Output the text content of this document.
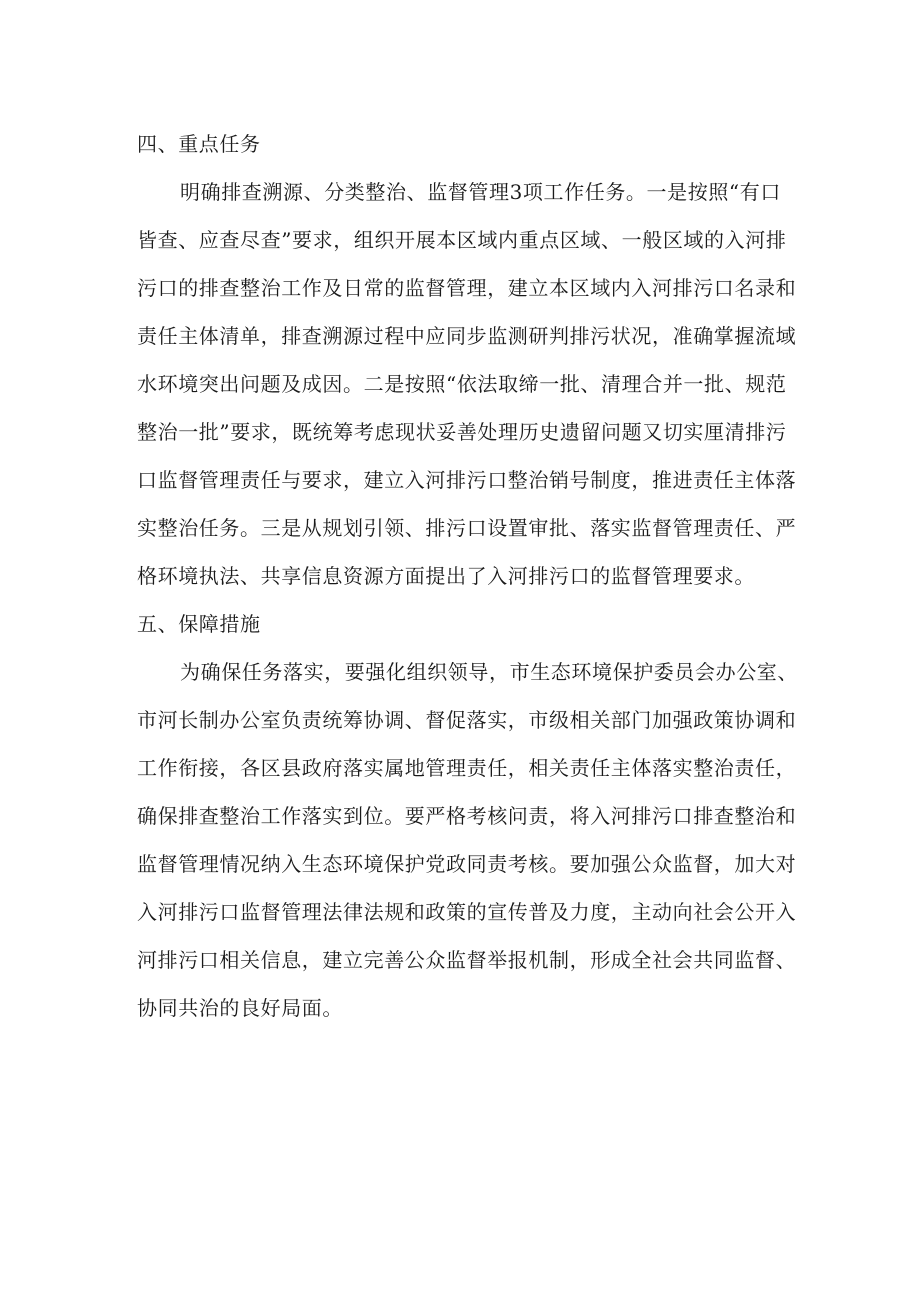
四、重点任务
明确排查溯源、分类整治、监督管理3项工作任务。一是按照“有口
皆查、应查尽查”要求，组织开展本区域内重点区域、一般区域的入河排
污口的排查整治工作及日常的监督管理，建立本区域内入河排污口名录和
责任主体清单，排查溯源过程中应同步监测研判排污状况，准确掌握流域
水环境突出问题及成因。二是按照“依法取缔一批、清理合并一批、规范
整治一批”要求，既统筹考虑现状妥善处理历史遗留问题又切实厘清排污
口监督管理责任与要求，建立入河排污口整治销号制度，推进责任主体落
实整治任务。三是从规划引领、排污口设置审批、落实监督管理责任、严
格环境执法、共享信息资源方面提出了入河排污口的监督管理要求。
五、保障措施
为确保任务落实，要强化组织领导，市生态环境保护委员会办公室、
市河长制办公室负责统筹协调、督促落实，市级相关部门加强政策协调和
工作衔接，各区县政府落实属地管理责任，相关责任主体落实整治责任，
确保排查整治工作落实到位。要严格考核问责，将入河排污口排查整治和
监督管理情况纳入生态环境保护党政同责考核。要加强公众监督，加大对
入河排污口监督管理法律法规和政策的宣传普及力度，主动向社会公开入
河排污口相关信息，建立完善公众监督举报机制，形成全社会共同监督、
协同共治的良好局面。
